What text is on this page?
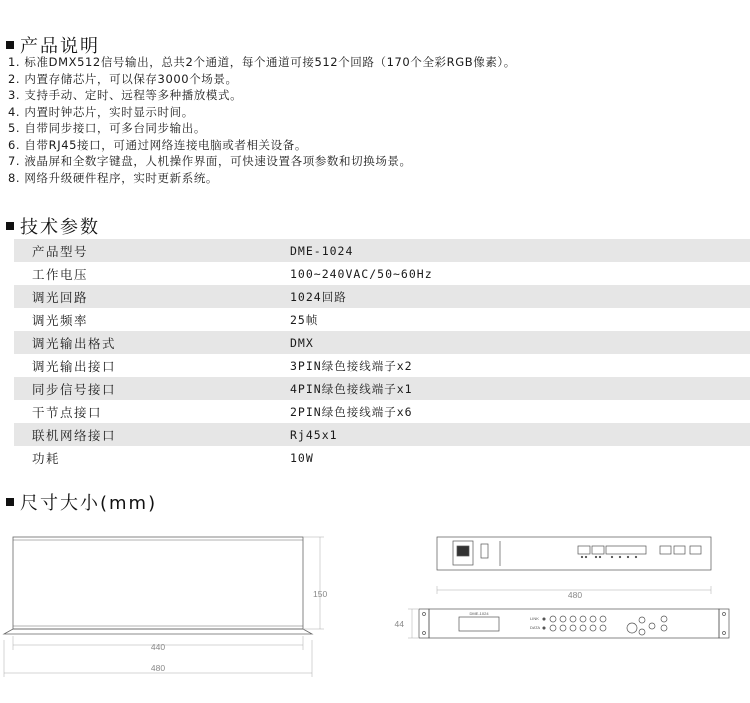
产品说明
1. 标准DMX512信号输出，总共2个通道，每个通道可接512个回路（170个全彩RGB像素）。
2. 内置存储芯片，可以保存3000个场景。
3. 支持手动、定时、远程等多种播放模式。
4. 内置时钟芯片，实时显示时间。
5. 自带同步接口，可多台同步输出。
6. 自带RJ45接口，可通过网络连接电脑或者相关设备。
7. 液晶屏和全数字键盘，人机操作界面，可快速设置各项参数和切换场景。
8. 网络升级硬件程序，实时更新系统。
技术参数
产品型号	DME-1024
工作电压	100~240VAC/50~60Hz
调光回路	1024回路
调光频率	25帧
调光输出格式	DMX
调光输出接口	3PIN绿色接线端子x2
同步信号接口	4PIN绿色接线端子x1
干节点接口	2PIN绿色接线端子x6
联机网络接口	Rj45x1
功耗	10W
尺寸大小(mm)
440
480
150	480
DME-1024
LINK
DATA
44
